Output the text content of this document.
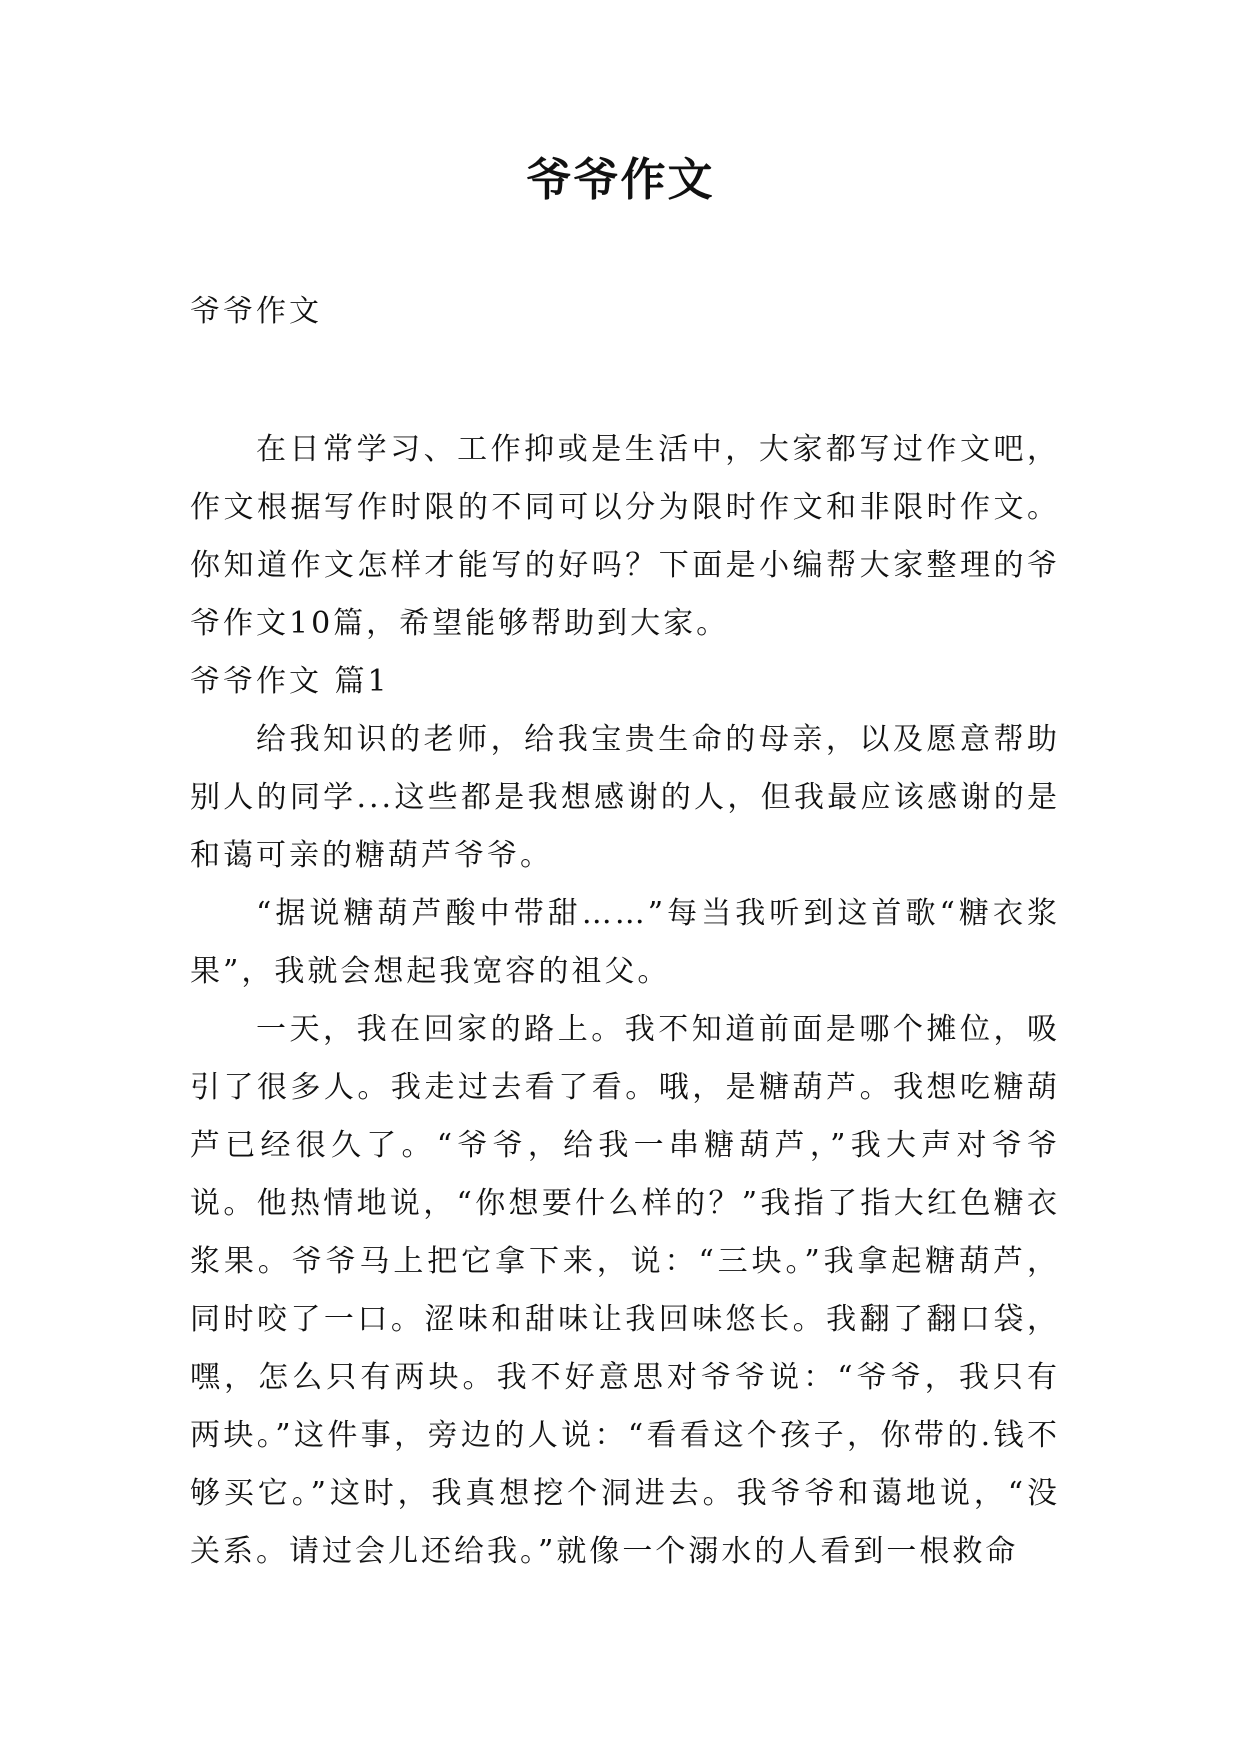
爷爷作文

爷爷作文

在日常学习、工作抑或是生活中，大家都写过作文吧，作文根据写作时限的不同可以分为限时作文和非限时作文。你知道作文怎样才能写的好吗？下面是小编帮大家整理的爷爷作文10篇，希望能够帮助到大家。

爷爷作文 篇1

给我知识的老师，给我宝贵生命的母亲，以及愿意帮助别人的同学...这些都是我想感谢的人，但我最应该感谢的是和蔼可亲的糖葫芦爷爷。

“据说糖葫芦酸中带甜……”每当我听到这首歌“糖衣浆果”，我就会想起我宽容的祖父。

一天，我在回家的路上。我不知道前面是哪个摊位，吸引了很多人。我走过去看了看。哦，是糖葫芦。我想吃糖葫芦已经很久了。“爷爷，给我一串糖葫芦，”我大声对爷爷说。他热情地说，“你想要什么样的？”我指了指大红色糖衣浆果。爷爷马上把它拿下来，说：“三块。”我拿起糖葫芦，同时咬了一口。涩味和甜味让我回味悠长。我翻了翻口袋，嘿，怎么只有两块。我不好意思对爷爷说：“爷爷，我只有两块。”这件事，旁边的人说：“看看这个孩子，你带的.钱不够买它。”这时，我真想挖个洞进去。我爷爷和蔼地说，“没关系。请过会儿还给我。”就像一个溺水的人看到一根救命
